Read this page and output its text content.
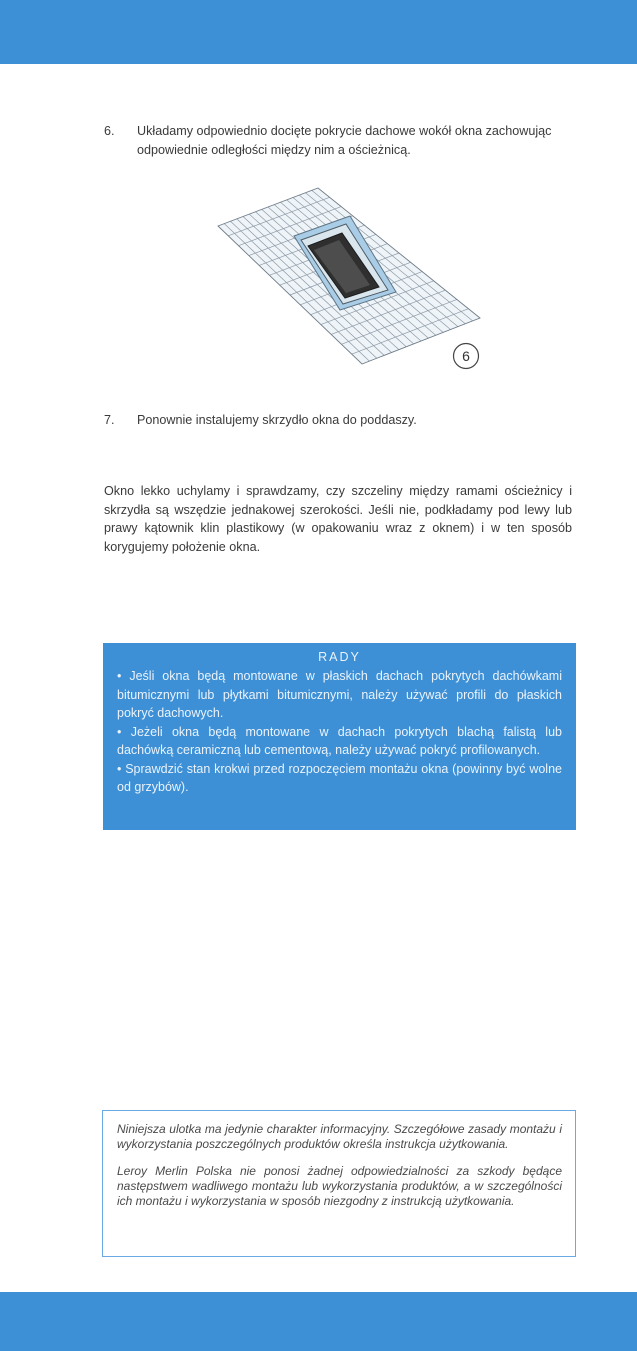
6. Układamy odpowiednio docięte pokrycie dachowe wokół okna zachowując odpowiednie odległości między nim a ościeżnicą.
6
7. Ponownie instalujemy skrzydło okna do poddaszy.
Okno lekko uchylamy i sprawdzamy, czy szczeliny między ramami ościeżnicy i skrzydła są wszędzie jednakowej szerokości. Jeśli nie, podkładamy pod lewy lub prawy kątownik klin plastikowy (w opakowaniu wraz z oknem) i w ten sposób korygujemy położenie okna.
RADY
• Jeśli okna będą montowane w płaskich dachach pokrytych dachówkami bitumicznymi lub płytkami bitumicznymi, należy używać profili do płaskich pokryć dachowych.
• Jeżeli okna będą montowane w dachach pokrytych blachą falistą lub dachówką ceramiczną lub cementową, należy używać pokryć profilowanych.
• Sprawdzić stan krokwi przed rozpoczęciem montażu okna (powinny być wolne od grzybów).

Niniejsza ulotka ma jedynie charakter informacyjny. Szczegółowe zasady montażu i wykorzystania poszczególnych produktów określa instrukcja użytkowania.

Leroy Merlin Polska nie ponosi żadnej odpowiedzialności za szkody będące następstwem wadliwego montażu lub wykorzystania produktów, a w szczególności ich montażu i wykorzystania w sposób niezgodny z instrukcją użytkowania.
